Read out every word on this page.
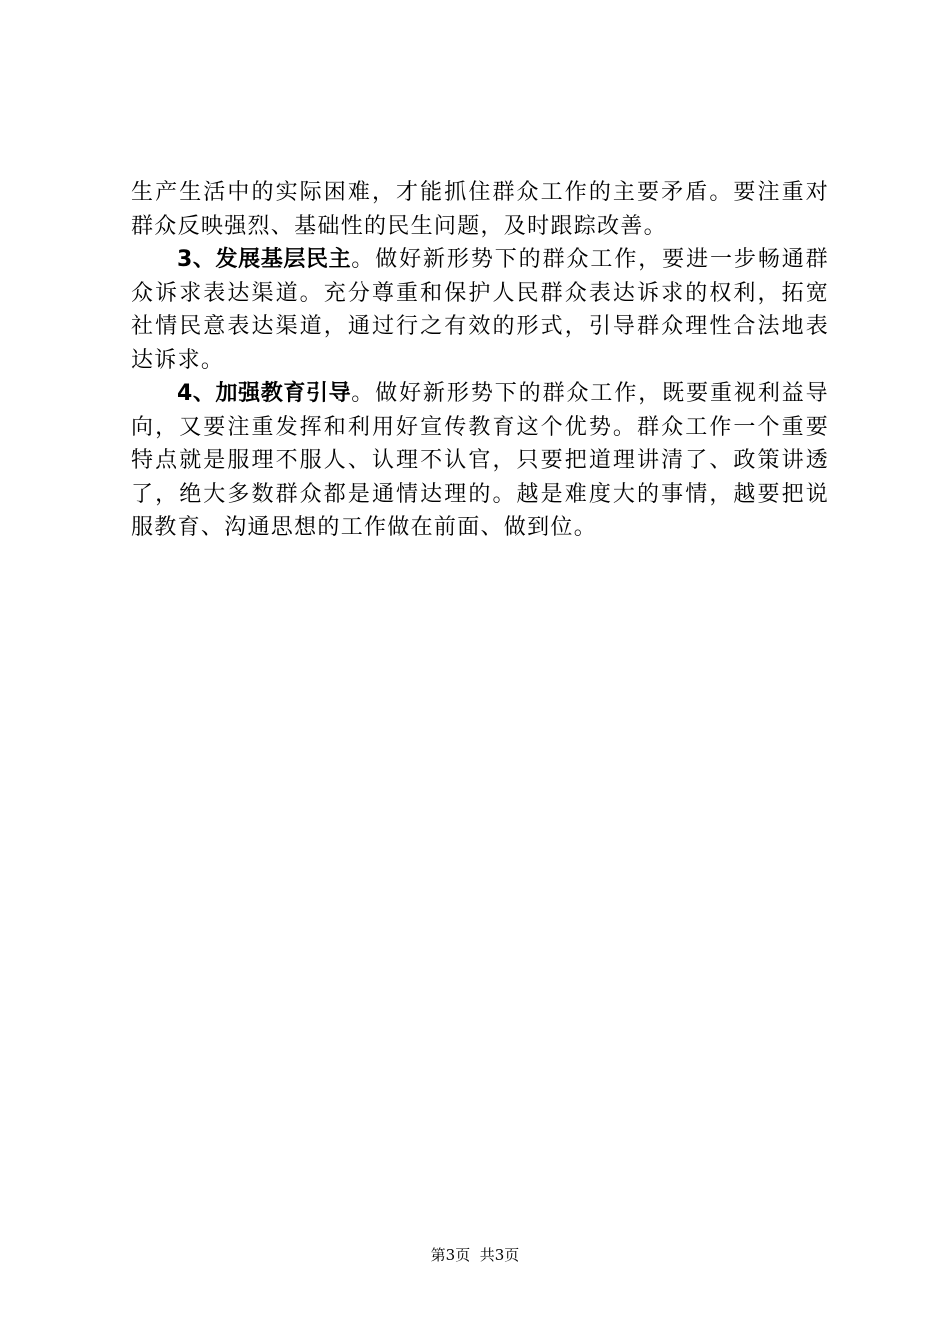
生产生活中的实际困难，才能抓住群众工作的主要矛盾。要注重对群众反映强烈、基础性的民生问题，及时跟踪改善。

3、发展基层民主。做好新形势下的群众工作，要进一步畅通群众诉求表达渠道。充分尊重和保护人民群众表达诉求的权利，拓宽社情民意表达渠道，通过行之有效的形式，引导群众理性合法地表达诉求。

4、加强教育引导。做好新形势下的群众工作，既要重视利益导向，又要注重发挥和利用好宣传教育这个优势。群众工作一个重要特点就是服理不服人、认理不认官，只要把道理讲清了、政策讲透了，绝大多数群众都是通情达理的。越是难度大的事情，越要把说服教育、沟通思想的工作做在前面、做到位。

第3页 共3页
